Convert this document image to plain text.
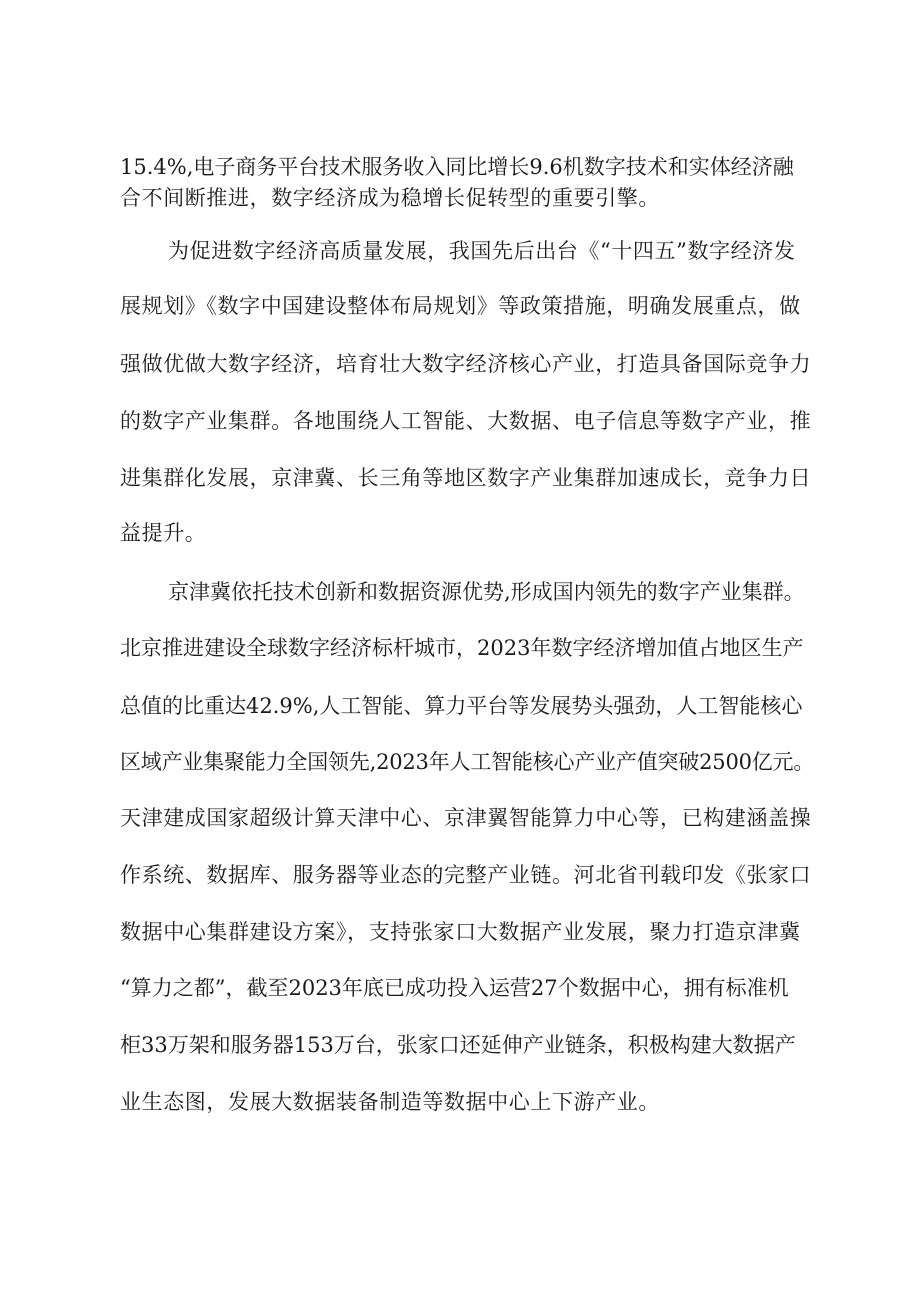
15.4%,电子商务平台技术服务收入同比增长9.6机数字技术和实体经济融
合不间断推进，数字经济成为稳增长促转型的重要引擎。
为促进数字经济高质量发展，我国先后出台《“十四五”数字经济发
展规划》《数字中国建设整体布局规划》等政策措施，明确发展重点，做
强做优做大数字经济，培育壮大数字经济核心产业，打造具备国际竞争力
的数字产业集群。各地围绕人工智能、大数据、电子信息等数字产业，推
进集群化发展，京津冀、长三角等地区数字产业集群加速成长，竞争力日
益提升。
京津冀依托技术创新和数据资源优势,形成国内领先的数字产业集群。
北京推进建设全球数字经济标杆城市，2023年数字经济增加值占地区生产
总值的比重达42.9%,人工智能、算力平台等发展势头强劲，人工智能核心
区域产业集聚能力全国领先,2023年人工智能核心产业产值突破2500亿元。
天津建成国家超级计算天津中心、京津翼智能算力中心等，已构建涵盖操
作系统、数据库、服务器等业态的完整产业链。河北省刊载印发《张家口
数据中心集群建设方案》，支持张家口大数据产业发展，聚力打造京津冀
“算力之都”，截至2023年底已成功投入运营27个数据中心，拥有标准机
柜33万架和服务器153万台，张家口还延伸产业链条，积极构建大数据产
业生态图，发展大数据装备制造等数据中心上下游产业。
